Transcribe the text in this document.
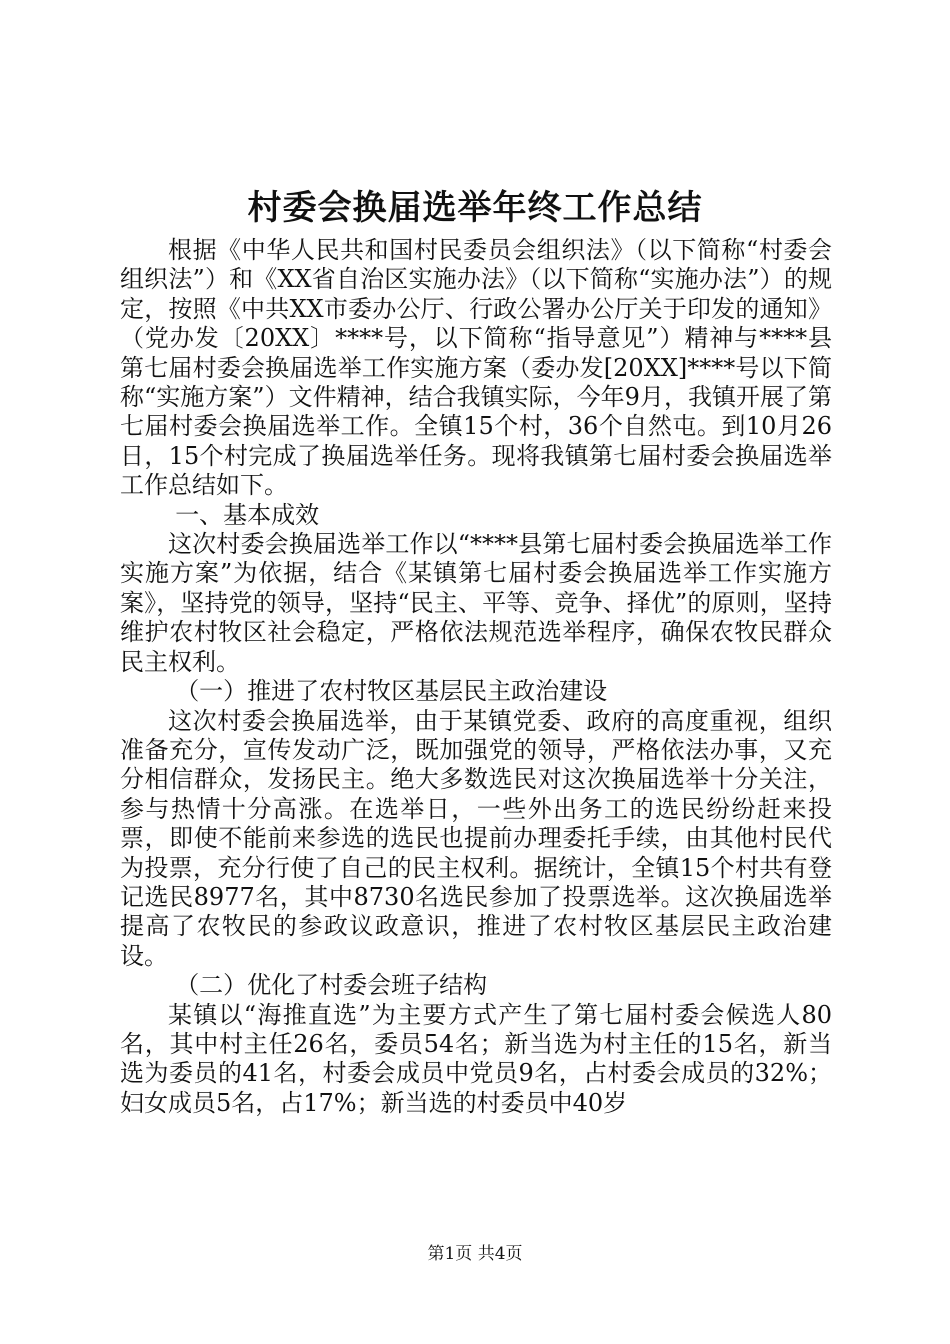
村委会换届选举年终工作总结

根据《中华人民共和国村民委员会组织法》（以下简称“村委会组织法”）和《XX省自治区实施办法》（以下简称“实施办法”）的规定，按照《中共XX市委办公厅、行政公署办公厅关于印发的通知》（党办发〔20XX〕****号，以下简称“指导意见”）精神与****县第七届村委会换届选举工作实施方案（委办发[20XX]****号以下简称“实施方案”）文件精神，结合我镇实际，今年9月，我镇开展了第七届村委会换届选举工作。全镇15个村，36个自然屯。到10月26日，15个村完成了换届选举任务。现将我镇第七届村委会换届选举工作总结如下。

一、基本成效

这次村委会换届选举工作以“****县第七届村委会换届选举工作实施方案”为依据，结合《某镇第七届村委会换届选举工作实施方案》，坚持党的领导，坚持“民主、平等、竞争、择优”的原则，坚持维护农村牧区社会稳定，严格依法规范选举程序，确保农牧民群众民主权利。

（一）推进了农村牧区基层民主政治建设

这次村委会换届选举，由于某镇党委、政府的高度重视，组织准备充分，宣传发动广泛，既加强党的领导，严格依法办事，又充分相信群众，发扬民主。绝大多数选民对这次换届选举十分关注，参与热情十分高涨。在选举日，一些外出务工的选民纷纷赶来投票，即使不能前来参选的选民也提前办理委托手续，由其他村民代为投票，充分行使了自己的民主权利。据统计，全镇15个村共有登记选民8977名，其中8730名选民参加了投票选举。这次换届选举提高了农牧民的参政议政意识，推进了农村牧区基层民主政治建设。

（二）优化了村委会班子结构

某镇以“海推直选”为主要方式产生了第七届村委会候选人80名，其中村主任26名，委员54名；新当选为村主任的15名，新当选为委员的41名，村委会成员中党员9名，占村委会成员的32%；妇女成员5名，占17%；新当选的村委员中40岁

第1页 共4页
